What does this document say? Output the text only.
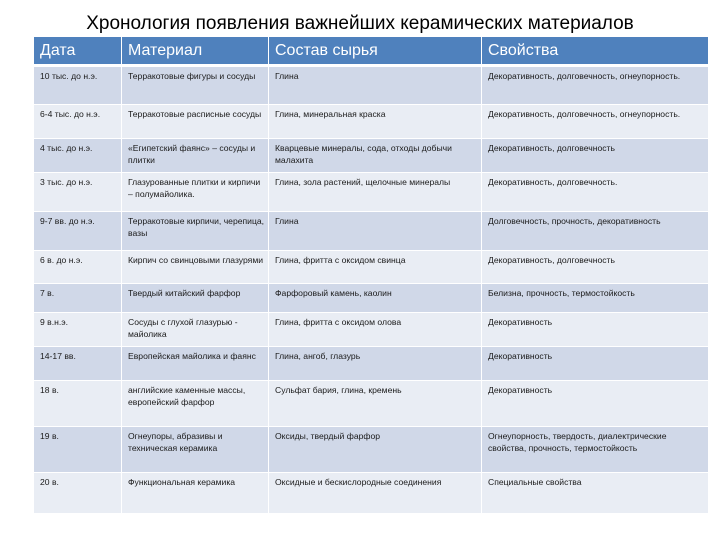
Хронология появления важнейших керамических материалов
Дата	Материал	Состав сырья	Свойства
10 тыс. до н.э.	Терракотовые фигуры и сосуды	Глина	Декоративность, долговечность, огнеупорность.
6-4 тыс. до н.э.	Терракотовые расписные сосуды	Глина, минеральная краска	Декоративность, долговечность, огнеупорность.
4 тыс. до н.э.	«Египетский фаянс» – сосуды и плитки	Кварцевые минералы, сода, отходы добычи малахита	Декоративность, долговечность
3 тыс. до н.э.	Глазурованные плитки и кирпичи – полумайолика.	Глина, зола растений, щелочные минералы	Декоративность, долговечность.
9-7 вв. до н.э.	Терракотовые кирпичи, черепица, вазы	Глина	Долговечность, прочность, декоративность
6 в. до н.э.	Кирпич со свинцовыми глазурями	Глина, фритта с оксидом свинца	Декоративность, долговечность
7 в.	Твердый китайский фарфор	Фарфоровый камень, каолин	Белизна, прочность, термостойкость
9 в.н.э.	Сосуды с глухой глазурью - майолика	Глина, фритта с оксидом олова	Декоративность
14-17 вв.	Европейская майолика и фаянс	Глина, ангоб, глазурь	Декоративность
18 в.	английские каменные массы, европейский фарфор	Сульфат бария, глина, кремень	Декоративность
19 в.	Огнеупоры, абразивы и техническая керамика	Оксиды, твердый фарфор	Огнеупорность, твердость, диалектрические свойства, прочность, термостойкость
20 в.	Функциональная керамика	Оксидные и бескислородные соединения	Специальные свойства
